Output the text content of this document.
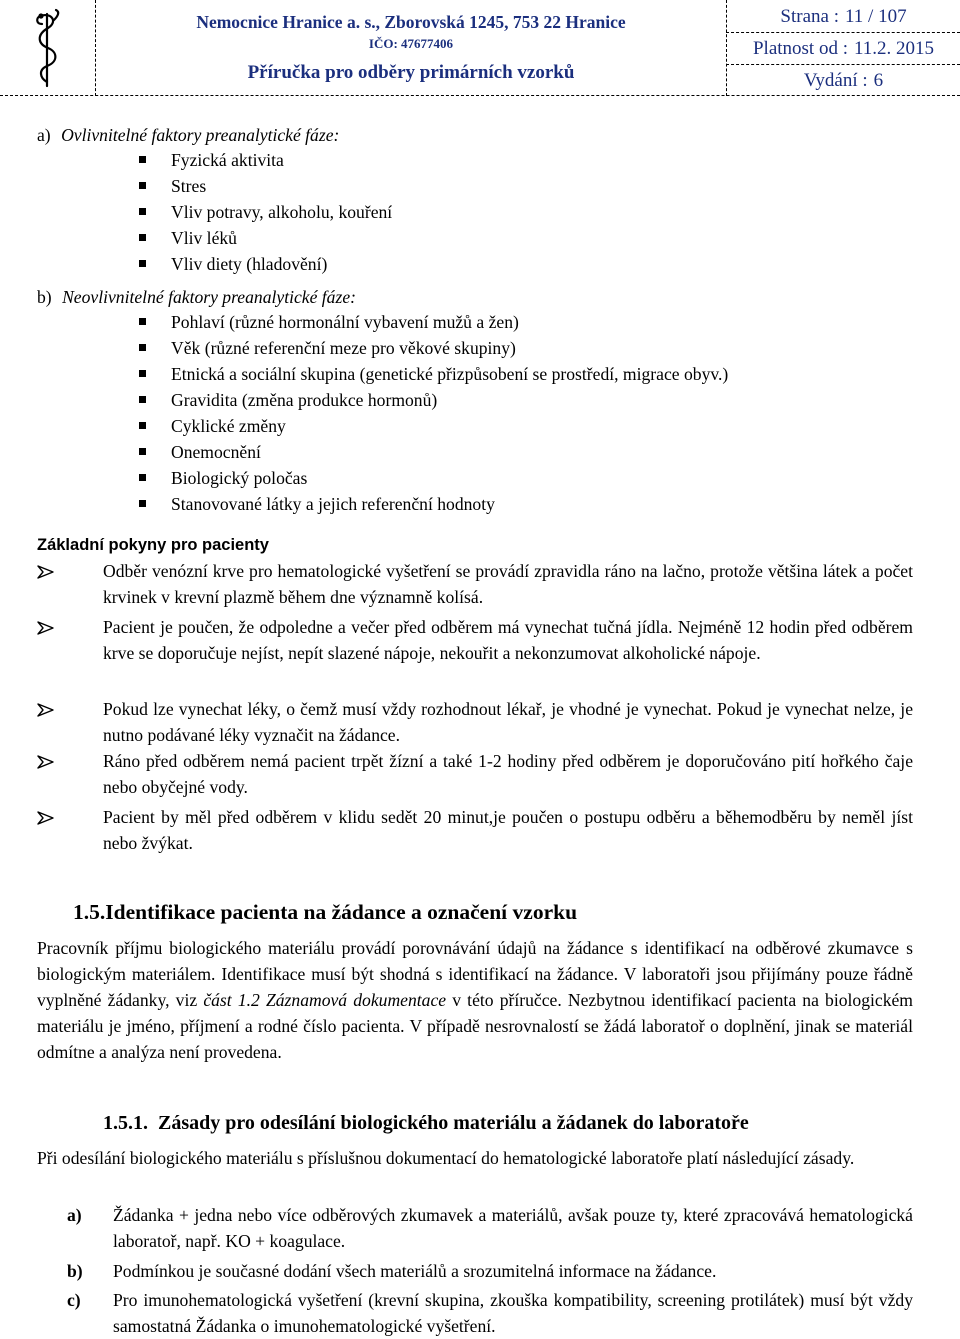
Nemocnice Hranice a. s., Zborovská 1245, 753 22 Hranice
IČO: 47677406
Příručka pro odběry primárních vzorků
Strana : 11 / 107
Platnost od : 11.2. 2015
Vydání : 6
a) Ovlivnitelné faktory preanalytické fáze:
Fyzická aktivita
Stres
Vliv potravy, alkoholu, kouření
Vliv léků
Vliv diety (hladovění)
b) Neovlivnitelné faktory preanalytické fáze:
Pohlaví (různé hormonální vybavení mužů a žen)
Věk (různé referenční meze pro věkové skupiny)
Etnická a sociální skupina (genetické přizpůsobení se prostředí, migrace obyv.)
Gravidita (změna produkce hormonů)
Cyklické změny
Onemocnění
Biologický poločas
Stanovované látky a jejich referenční hodnoty
Základní pokyny pro pacienty
Odběr venózní krve pro hematologické vyšetření se provádí zpravidla ráno na lačno, protože většina látek a počet krvinek v krevní plazmě během dne významně kolísá.
Pacient je poučen, že odpoledne a večer před odběrem má vynechat tučná jídla. Nejméně 12 hodin před odběrem krve se doporučuje nejíst, nepít slazené nápoje, nekouřit a nekonzumovat alkoholické nápoje.
Pokud lze vynechat léky, o čemž musí vždy rozhodnout lékař, je vhodné je vynechat. Pokud je vynechat nelze, je nutno podávané léky vyznačit na žádance.
Ráno před odběrem nemá pacient trpět žízní a také 1-2 hodiny před odběrem je doporučováno pití hořkého čaje nebo obyčejné vody.
Pacient by měl před odběrem v klidu sedět 20 minut,je poučen o postupu odběru a běhemodběru by neměl jíst nebo žvýkat.
1.5.Identifikace pacienta na žádance a označení vzorku
Pracovník příjmu biologického materiálu provádí porovnávání údajů na žádance s identifikací na odběrové zkumavce s biologickým materiálem. Identifikace musí být shodná s identifikací na žádance. V laboratoři jsou přijímány pouze řádně vyplněné žádanky, viz část 1.2 Záznamová dokumentace v této příručce. Nezbytnou identifikací pacienta na biologickém materiálu je jméno, příjmení a rodné číslo pacienta. V případě nesrovnalostí se žádá laboratoř o doplnění, jinak se materiál odmítne a analýza není provedena.
1.5.1. Zásady pro odesílání biologického materiálu a žádanek do laboratoře
Při odesílání biologického materiálu s příslušnou dokumentací do hematologické laboratoře platí následující zásady.
a) Žádanka + jedna nebo více odběrových zkumavek a materiálů, avšak pouze ty, které zpracovává hematologická laboratoř, např. KO + koagulace.
b) Podmínkou je současné dodání všech materiálů a srozumitelná informace na žádance.
c) Pro imunohematologická vyšetření (krevní skupina, zkouška kompatibility, screening protilátek) musí být vždy samostatná Žádanka o imunohematologické vyšetření.
